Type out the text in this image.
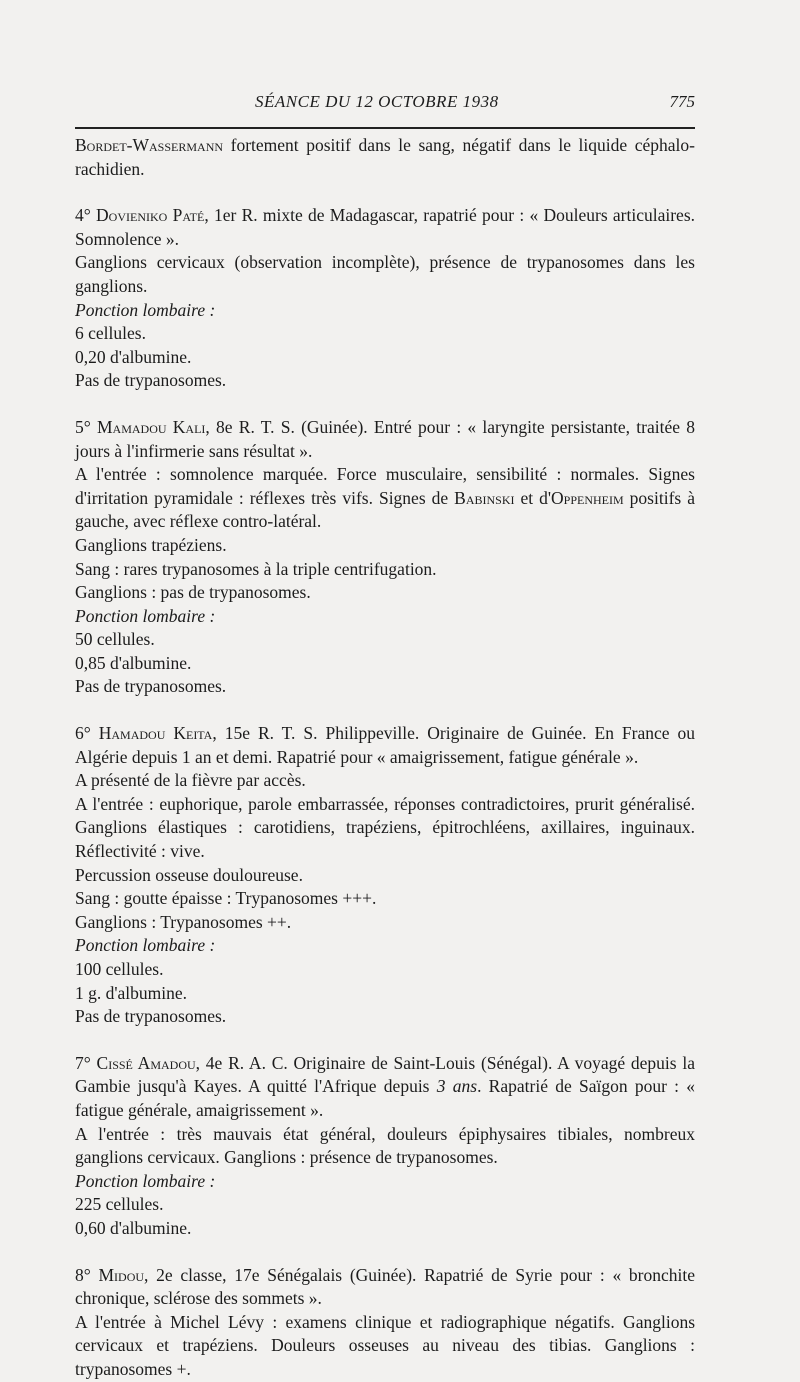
SÉANCE DU 12 OCTOBRE 1938	775

Bordet-Wassermann fortement positif dans le sang, négatif dans le liquide céphalo-rachidien.

4° Dovieniko Paté, 1er R. mixte de Madagascar, rapatrié pour : « Douleurs articulaires. Somnolence ».

Ganglions cervicaux (observation incomplète), présence de trypanosomes dans les ganglions.

Ponction lombaire :

6 cellules.

0,20 d'albumine.

Pas de trypanosomes.

5° Mamadou Kali, 8e R. T. S. (Guinée). Entré pour : « laryngite persistante, traitée 8 jours à l'infirmerie sans résultat ».

A l'entrée : somnolence marquée. Force musculaire, sensibilité : normales. Signes d'irritation pyramidale : réflexes très vifs. Signes de Babinski et d'Oppenheim positifs à gauche, avec réflexe contro-latéral.

Ganglions trapéziens.

Sang : rares trypanosomes à la triple centrifugation.

Ganglions : pas de trypanosomes.

Ponction lombaire :

50 cellules.

0,85 d'albumine.

Pas de trypanosomes.

6° Hamadou Keita, 15e R. T. S. Philippeville. Originaire de Guinée. En France ou Algérie depuis 1 an et demi. Rapatrié pour « amaigrissement, fatigue générale ».

A présenté de la fièvre par accès.

A l'entrée : euphorique, parole embarrassée, réponses contradictoires, prurit généralisé. Ganglions élastiques : carotidiens, trapéziens, épitrochléens, axillaires, inguinaux. Réflectivité : vive.

Percussion osseuse douloureuse.

Sang : goutte épaisse : Trypanosomes +++.

Ganglions : Trypanosomes ++.

Ponction lombaire :

100 cellules.

1 g. d'albumine.

Pas de trypanosomes.

7° Cissé Amadou, 4e R. A. C. Originaire de Saint-Louis (Sénégal). A voyagé depuis la Gambie jusqu'à Kayes. A quitté l'Afrique depuis 3 ans. Rapatrié de Saïgon pour : « fatigue générale, amaigrissement ».

A l'entrée : très mauvais état général, douleurs épiphysaires tibiales, nombreux ganglions cervicaux. Ganglions : présence de trypanosomes.

Ponction lombaire :

225 cellules.

0,60 d'albumine.

8° Midou, 2e classe, 17e Sénégalais (Guinée). Rapatrié de Syrie pour : « bronchite chronique, sclérose des sommets ».

A l'entrée à Michel Lévy : examens clinique et radiographique négatifs. Ganglions cervicaux et trapéziens. Douleurs osseuses au niveau des tibias. Ganglions : trypanosomes +.
